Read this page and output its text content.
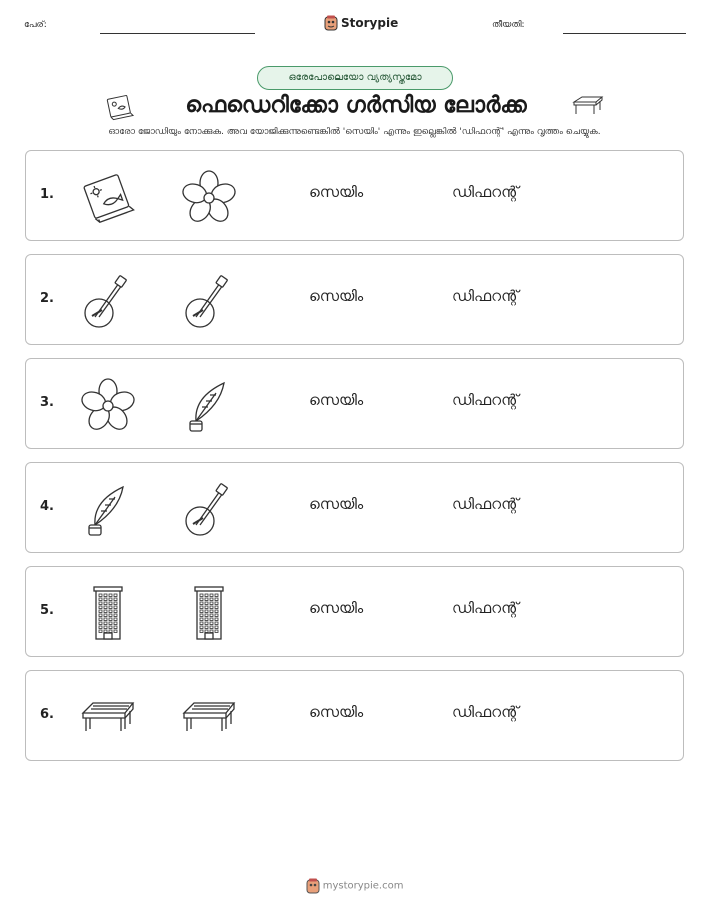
പേര്:	Storypie	തീയതി:
ഒരേപോലെയോ വ്യത്യസ്തമോ
ഫെഡെറിക്കോ ഗർസിയ ലോർക്ക
ഓരോ ജോഡിയും നോക്കുക. അവ യോജിക്കുന്നുണ്ടെങ്കിൽ 'സെയിം' എന്നും ഇല്ലെങ്കിൽ 'ഡിഫറന്റ്' എന്നും വൃത്തം ചെയ്യുക.
1.	സെയിം	ഡിഫറന്റ്
2.	സെയിം	ഡിഫറന്റ്
3.	സെയിം	ഡിഫറന്റ്
4.	സെയിം	ഡിഫറന്റ്
5.	സെയിം	ഡിഫറന്റ്
6.	സെയിം	ഡിഫറന്റ്
mystorypie.com
